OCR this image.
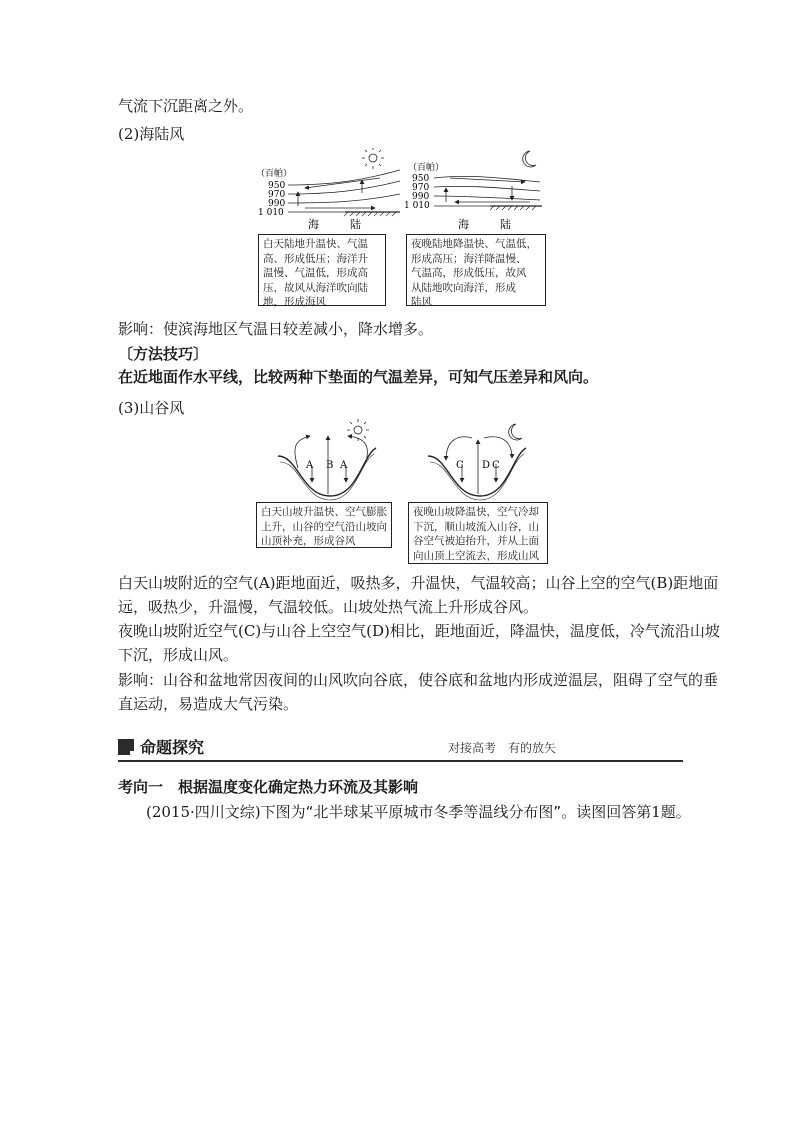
气流下沉距离之外。
(2)海陆风
（百帕）
950
970
990
1 010
海	陆
（百帕）
950
970
990
1 010
海	陆
白天陆地升温快、气温
高、形成低压；海洋升
温慢、气温低，形成高
压，故风从海洋吹向陆
地，形成海风
夜晚陆地降温快、气温低，
形成高压；海洋降温慢、
气温高，形成低压，故风
从陆地吹向海洋，形成
陆风
影响：使滨海地区气温日较差减小，降水增多。
〔方法技巧〕
在近地面作水平线，比较两种下垫面的气温差异，可知气压差异和风向。
(3)山谷风
A B A	C D C
白天山坡升温快、空气膨胀
上升，山谷的空气沿山坡向
山顶补充，形成谷风
夜晚山坡降温快，空气冷却
下沉，顺山坡流入山谷，山
谷空气被迫抬升，并从上面
向山顶上空流去，形成山风
白天山坡附近的空气(A)距地面近，吸热多，升温快，气温较高；山谷上空的空气(B)距地面
远，吸热少，升温慢，气温较低。山坡处热气流上升形成谷风。
夜晚山坡附近空气(C)与山谷上空空气(D)相比，距地面近，降温快，温度低，冷气流沿山坡
下沉，形成山风。
影响：山谷和盆地常因夜间的山风吹向谷底，使谷底和盆地内形成逆温层，阻碍了空气的垂
直运动，易造成大气污染。
命题探究	对接高考　有的放矢
考向一　根据温度变化确定热力环流及其影响
(2015·四川文综)下图为“北半球某平原城市冬季等温线分布图”。读图回答第1题。
